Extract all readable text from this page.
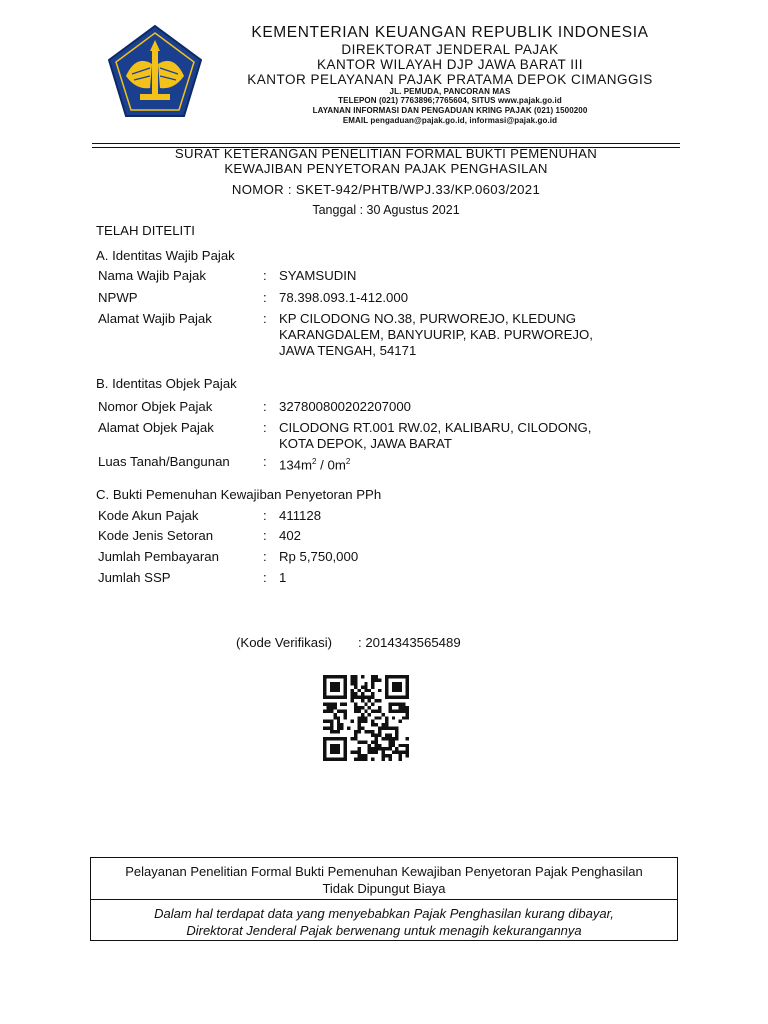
KEMENTERIAN KEUANGAN REPUBLIK INDONESIA
DIREKTORAT JENDERAL PAJAK
KANTOR WILAYAH DJP JAWA BARAT III
KANTOR PELAYANAN PAJAK PRATAMA DEPOK CIMANGGIS
JL. PEMUDA, PANCORAN MAS
TELEPON (021) 7763896;7765604, SITUS www.pajak.go.id
LAYANAN INFORMASI DAN PENGADUAN KRING PAJAK (021) 1500200
EMAIL pengaduan@pajak.go.id, informasi@pajak.go.id
SURAT KETERANGAN PENELITIAN FORMAL BUKTI PEMENUHAN
KEWAJIBAN PENYETORAN PAJAK PENGHASILAN
NOMOR : SKET-942/PHTB/WPJ.33/KP.0603/2021
Tanggal : 30 Agustus 2021
TELAH DITELITI
A. Identitas Wajib Pajak
Nama Wajib Pajak	: SYAMSUDIN
NPWP	: 78.398.093.1-412.000
Alamat Wajib Pajak	: KP CILODONG NO.38, PURWOREJO, KLEDUNG
KARANGDALEM, BANYUURIP, KAB. PURWOREJO,
JAWA TENGAH, 54171
B. Identitas Objek Pajak
Nomor Objek Pajak	: 327800800202207000
Alamat Objek Pajak	: CILODONG RT.001 RW.02, KALIBARU, CILODONG,
KOTA DEPOK, JAWA BARAT
Luas Tanah/Bangunan	: $134m^2 / 0m^2$
C. Bukti Pemenuhan Kewajiban Penyetoran PPh
Kode Akun Pajak	: 411128
Kode Jenis Setoran	: 402
Jumlah Pembayaran	: Rp 5,750,000
Jumlah SSP	: 1
(Kode Verifikasi) : 2014343565489
Pelayanan Penelitian Formal Bukti Pemenuhan Kewajiban Penyetoran Pajak Penghasilan
Tidak Dipungut Biaya
Dalam hal terdapat data yang menyebabkan Pajak Penghasilan kurang dibayar,
Direktorat Jenderal Pajak berwenang untuk menagih kekurangannya
